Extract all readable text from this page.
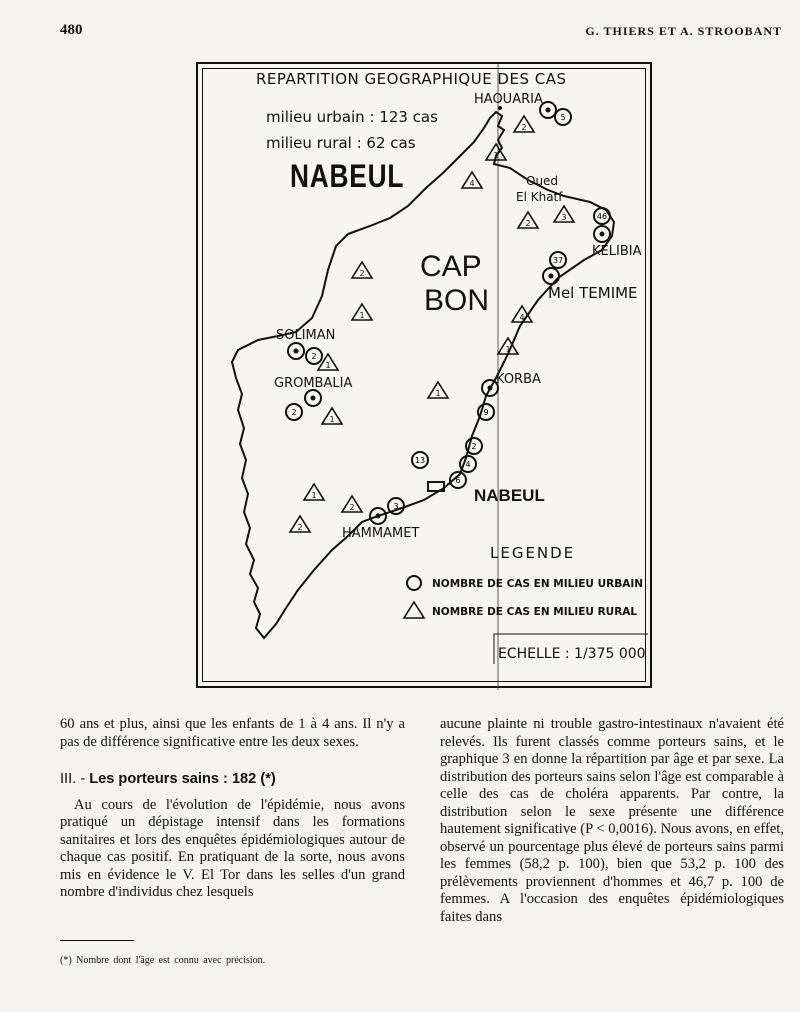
480	G. THIERS ET A. STROOBANT
5
46
37
2
2	9
2
4
6
13
3
2
1
4
2
3
2
1	4
1
1
1
1
1
2
2
REPARTITION GEOGRAPHIQUE DES CAS
milieu urbain : 123 cas
milieu rural : 62 cas
NABEUL
CAP
BON
HAOUARIA
Oued
El Khatf
KELIBIA
Mel TEMIME
SOLIMAN
GROMBALIA	KORBA
NABEUL
HAMMAMET
LEGENDE
NOMBRE DE CAS EN MILIEU URBAIN
NOMBRE DE CAS EN MILIEU RURAL
ECHELLE : 1/375 000

60 ans et plus, ainsi que les enfants de 1 à 4 ans. Il n'y a pas de différence significative entre les deux sexes.

III. - Les porteurs sains : 182 (*)

Au cours de l'évolution de l'épidémie, nous avons pratiqué un dépistage intensif dans les formations sanitaires et lors des enquêtes épidémiologiques autour de chaque cas positif. En pratiquant de la sorte, nous avons mis en évidence le V. El Tor dans les selles d'un grand nombre d'individus chez lesquels

aucune plainte ni trouble gastro-intestinaux n'avaient été relevés. Ils furent classés comme porteurs sains, et le graphique 3 en donne la répartition par âge et par sexe. La distribution des porteurs sains selon l'âge est comparable à celle des cas de choléra apparents. Par contre, la distribution selon le sexe présente une différence hautement significative (P < 0,0016). Nous avons, en effet, observé un pourcentage plus élevé de porteurs sains parmi les femmes (58,2 p. 100), bien que 53,2 p. 100 des prélèvements proviennent d'hommes et 46,7 p. 100 de femmes. A l'occasion des enquêtes épidémiologiques faites dans

(*) Nombre dont l'âge est connu avec précision.
